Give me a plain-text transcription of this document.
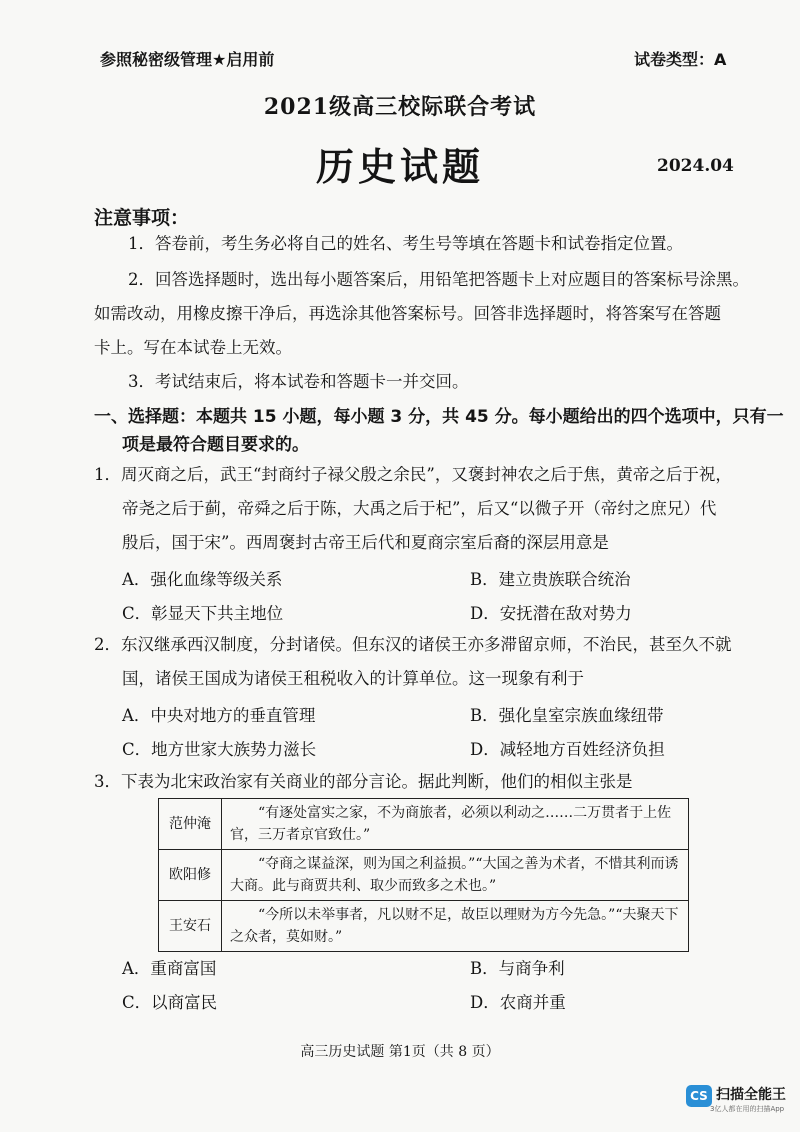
参照秘密级管理★启用前	试卷类型：A
2021级高三校际联合考试
历史试题	2024.04
注意事项：
1．答卷前，考生务必将自己的姓名、考生号等填在答题卡和试卷指定位置。
2．回答选择题时，选出每小题答案后，用铅笔把答题卡上对应题目的答案标号涂黑。
如需改动，用橡皮擦干净后，再选涂其他答案标号。回答非选择题时，将答案写在答题
卡上。写在本试卷上无效。
3．考试结束后，将本试卷和答题卡一并交回。
一、选择题：本题共 15 小题，每小题 3 分，共 45 分。每小题给出的四个选项中，只有一
项是最符合题目要求的。
1．周灭商之后，武王“封商纣子禄父殷之余民”，又褒封神农之后于焦，黄帝之后于祝，
帝尧之后于蓟，帝舜之后于陈，大禹之后于杞”，后又“以微子开（帝纣之庶兄）代
殷后，国于宋”。西周褒封古帝王后代和夏商宗室后裔的深层用意是
A．强化血缘等级关系	B．建立贵族联合统治
C．彰显天下共主地位	D．安抚潜在敌对势力
2．东汉继承西汉制度，分封诸侯。但东汉的诸侯王亦多滞留京师，不治民，甚至久不就
国，诸侯王国成为诸侯王租税收入的计算单位。这一现象有利于
A．中央对地方的垂直管理	B．强化皇室宗族血缘纽带
C．地方世家大族势力滋长	D．减轻地方百姓经济负担
3．下表为北宋政治家有关商业的部分言论。据此判断，他们的相似主张是
范仲淹	“有逐处富实之家，不为商旅者，必须以利动之……二万贯者于上佐官，三万者京官致仕。”
欧阳修	“夺商之谋益深，则为国之利益损。”“大国之善为术者，不惜其利而诱大商。此与商贾共利、取少而致多之术也。”
王安石	“今所以未举事者，凡以财不足，故臣以理财为方今先急。”“夫聚天下之众者，莫如财。”
A．重商富国	B．与商争利
C．以商富民	D．农商并重
高三历史试题 第1页（共 8 页）
CS 扫描全能王
3亿人都在用的扫描App
